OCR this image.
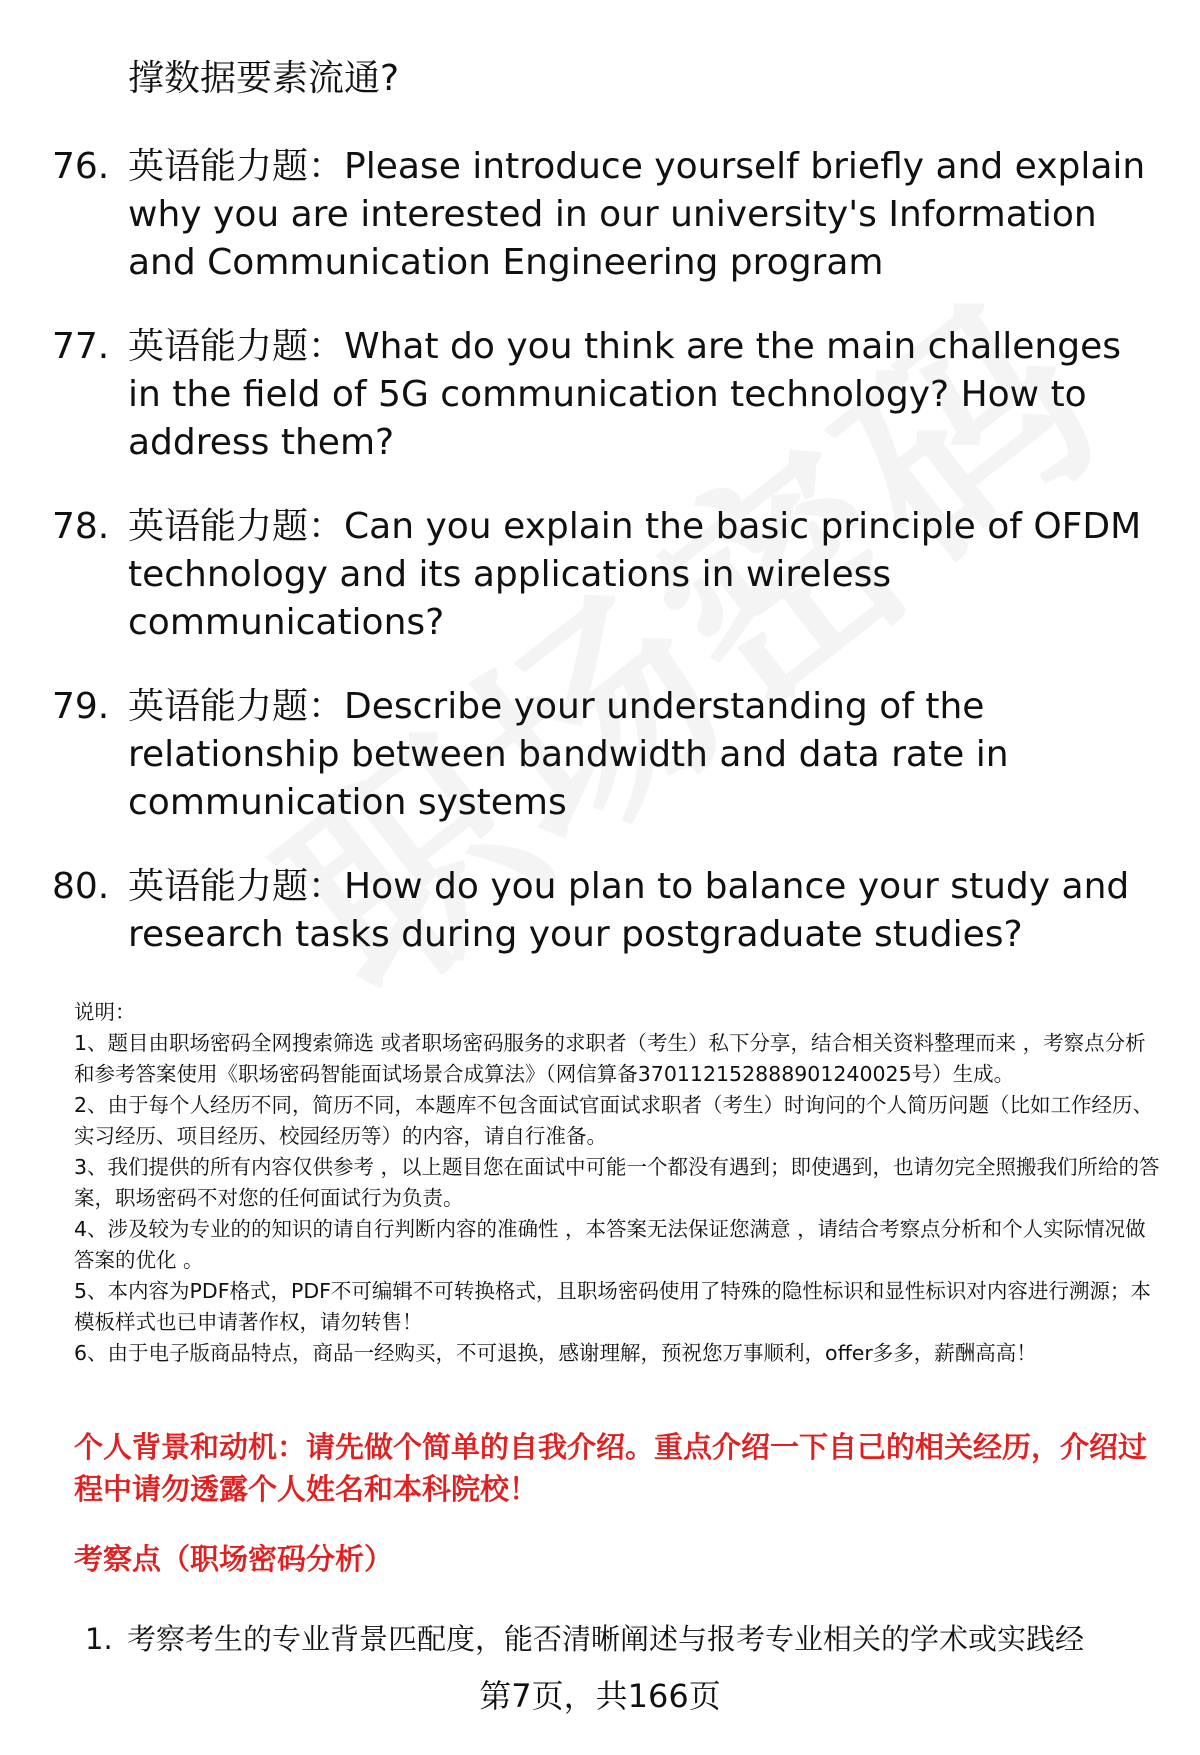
撑数据要素流通?

76. 英语能力题：Please introduce yourself briefly and explain why you are interested in our university's Information and Communication Engineering program
77. 英语能力题：What do you think are the main challenges in the field of 5G communication technology? How to address them?
78. 英语能力题：Can you explain the basic principle of OFDM technology and its applications in wireless communications?
79. 英语能力题：Describe your understanding of the relationship between bandwidth and data rate in communication systems
80. 英语能力题：How do you plan to balance your study and research tasks during your postgraduate studies?

说明：

1、题目由职场密码全网搜索筛选 或者职场密码服务的求职者（考生）私下分享，结合相关资料整理而来 ，考察点分析和参考答案使用《职场密码智能面试场景合成算法》（网信算备370112152888901240025号）生成。

2、由于每个人经历不同，简历不同，本题库不包含面试官面试求职者（考生）时询问的个人简历问题（比如工作经历、实习经历、项目经历、校园经历等）的内容，请自行准备。

3、我们提供的所有内容仅供参考 ，以上题目您在面试中可能一个都没有遇到；即使遇到，也请勿完全照搬我们所给的答案，职场密码不对您的任何面试行为负责。

4、涉及较为专业的的知识的请自行判断内容的准确性 ，本答案无法保证您满意 ，请结合考察点分析和个人实际情况做答案的优化 。

5、本内容为PDF格式，PDF不可编辑不可转换格式，且职场密码使用了特殊的隐性标识和显性标识对内容进行溯源；本模板样式也已申请著作权，请勿转售！

6、由于电子版商品特点，商品一经购买，不可退换，感谢理解，预祝您万事顺利，offer多多，薪酬高高！

个人背景和动机：请先做个简单的自我介绍。重点介绍一下自己的相关经历，介绍过程中请勿透露个人姓名和本科院校！

考察点（职场密码分析）

1. 考察考生的专业背景匹配度，能否清晰阐述与报考专业相关的学术或实践经
第7页，共166页
